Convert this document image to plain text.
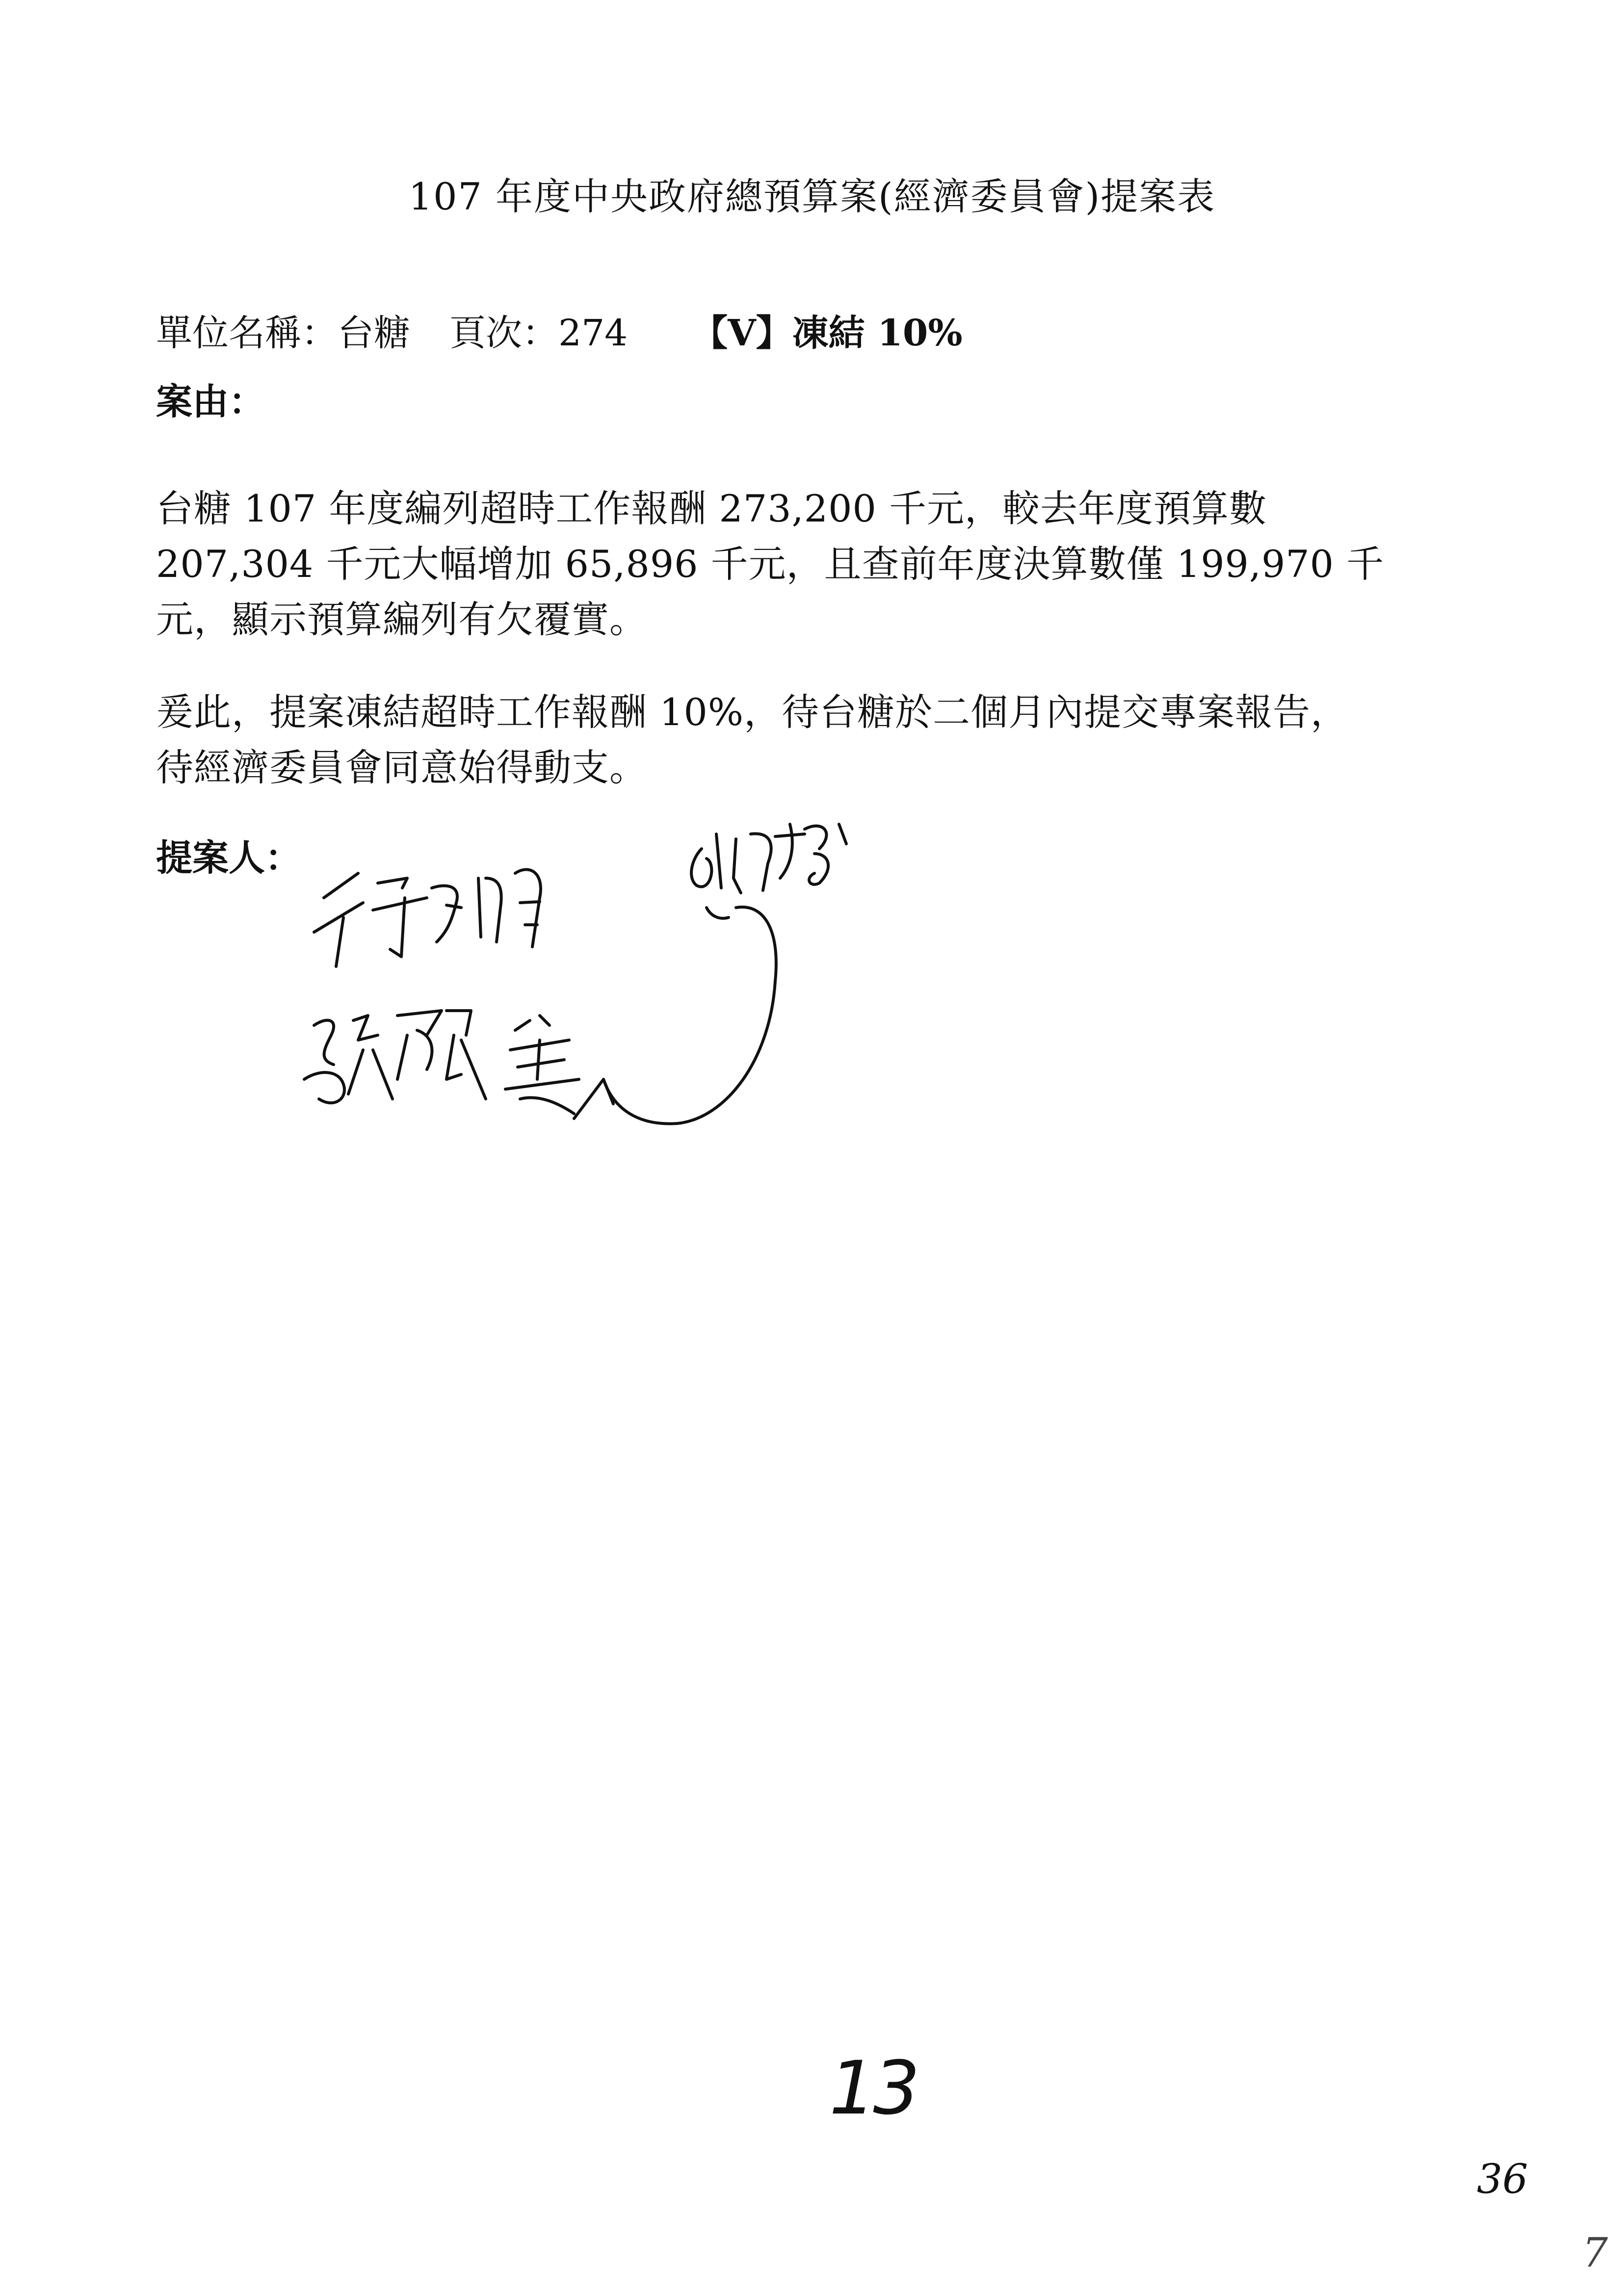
107 年度中央政府總預算案(經濟委員會)提案表
單位名稱：台糖 頁次：274 【V】凍結 10%
案由：
台糖 107 年度編列超時工作報酬 273,200 千元，較去年度預算數
207,304 千元大幅增加 65,896 千元，且查前年度決算數僅 199,970 千
元，顯示預算編列有欠覆實。
爰此，提案凍結超時工作報酬 10%，待台糖於二個月內提交專案報告，
待經濟委員會同意始得動支。
提案人：
13
36
7
